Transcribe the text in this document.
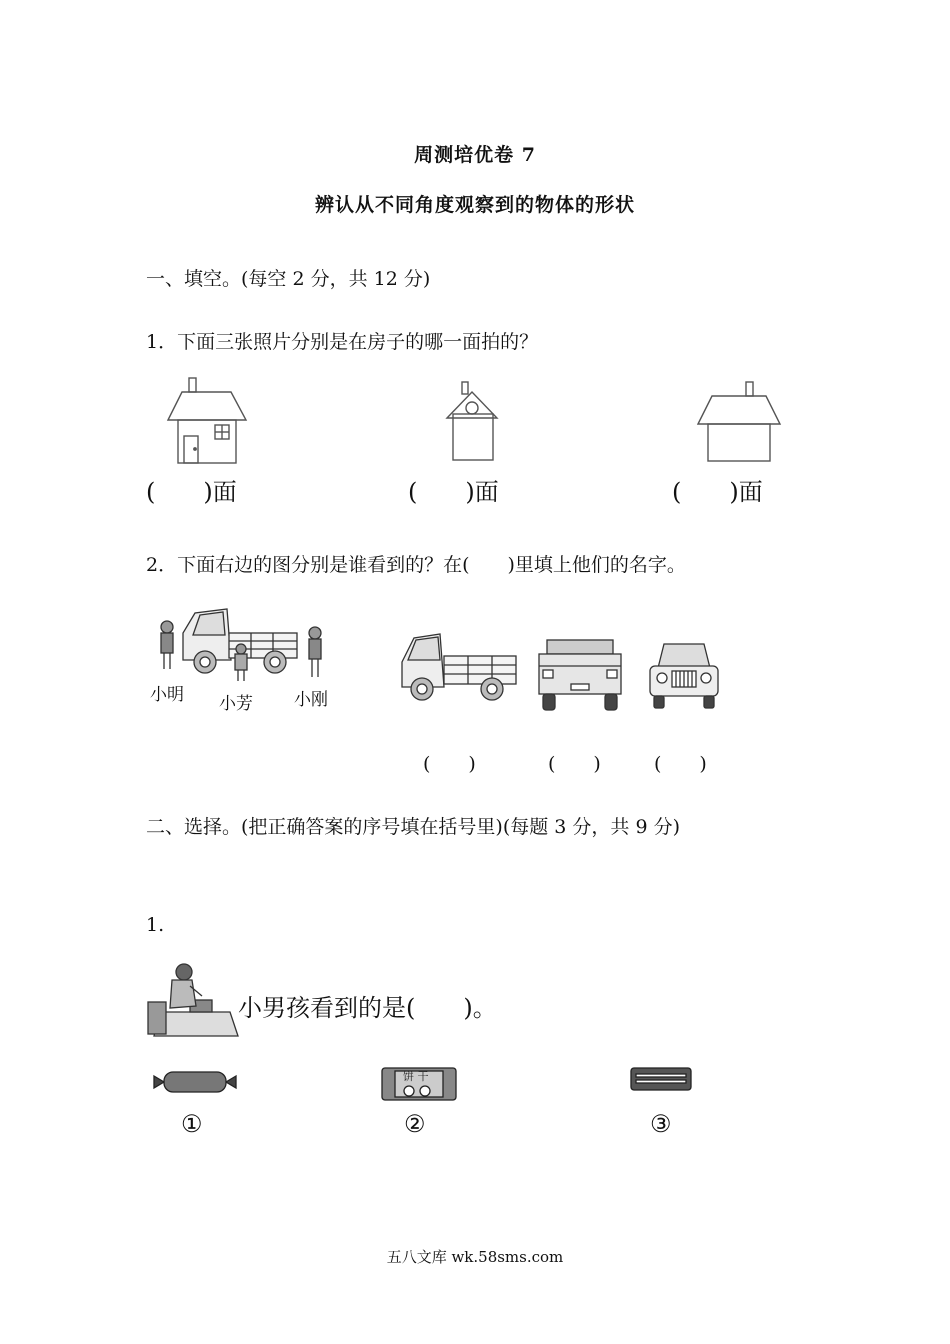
周测培优卷 7
辨认从不同角度观察到的物体的形状
一、填空。(每空 2 分，共 12 分)
1．下面三张照片分别是在房子的哪一面拍的？
(　　)面	(　　)面	(　　)面
2．下面右边的图分别是谁看到的？在(　　)里填上他们的名字。
小明 小芳 小刚
(　　)	(　　)	(　　)
二、选择。(把正确答案的序号填在括号里)(每题 3 分，共 9 分)
1.
小男孩看到的是(　　)。
饼 干
①	②	③
五八文库 wk.58sms.com
